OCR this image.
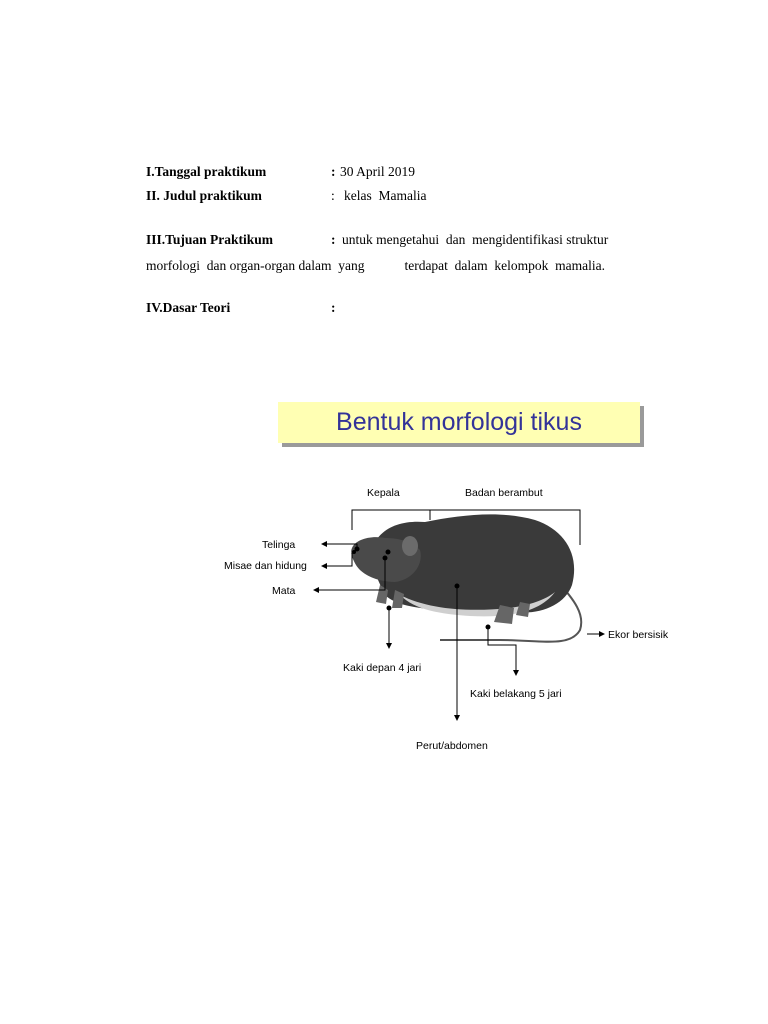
I.Tanggal praktikum	: 30 April 2019
II. Judul praktikum	: kelas  Mamalia
III.Tujuan Praktikum	: untuk mengetahui  dan  mengidentifikasi struktur
morfologi  dan organ-organ dalam  yang	terdapat  dalam  kelompok  mamalia.
IV.Dasar Teori	:
Bentuk morfologi tikus
Kepala	Badan berambut
Telinga
Misae dan hidung
Mata
Ekor bersisik
Kaki depan 4 jari
Kaki belakang 5 jari
Perut/abdomen
